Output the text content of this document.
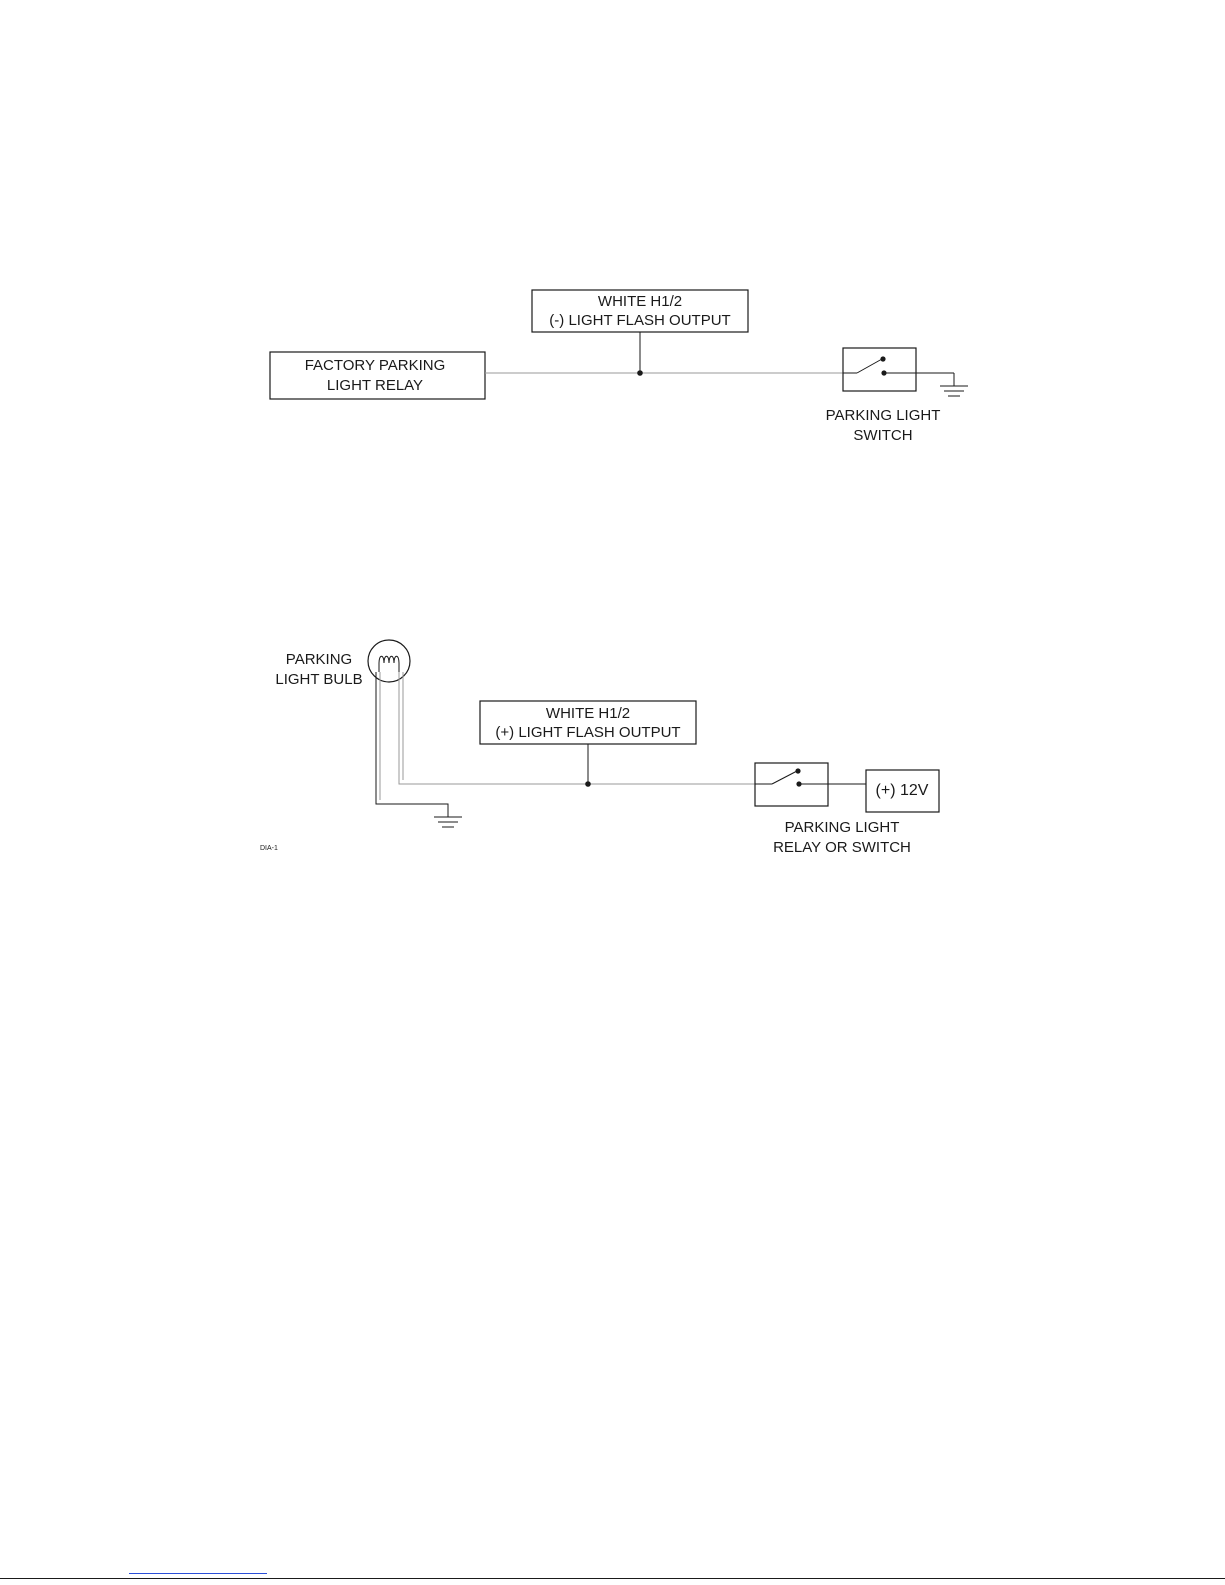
WHITE H1/2
(-) LIGHT FLASH OUTPUT
FACTORY PARKING
LIGHT RELAY
PARKING LIGHT
SWITCH
PARKING
LIGHT BULB
WHITE H1/2
(+) LIGHT FLASH OUTPUT
(+) 12V
PARKING LIGHT
RELAY OR SWITCH
DIA-1
